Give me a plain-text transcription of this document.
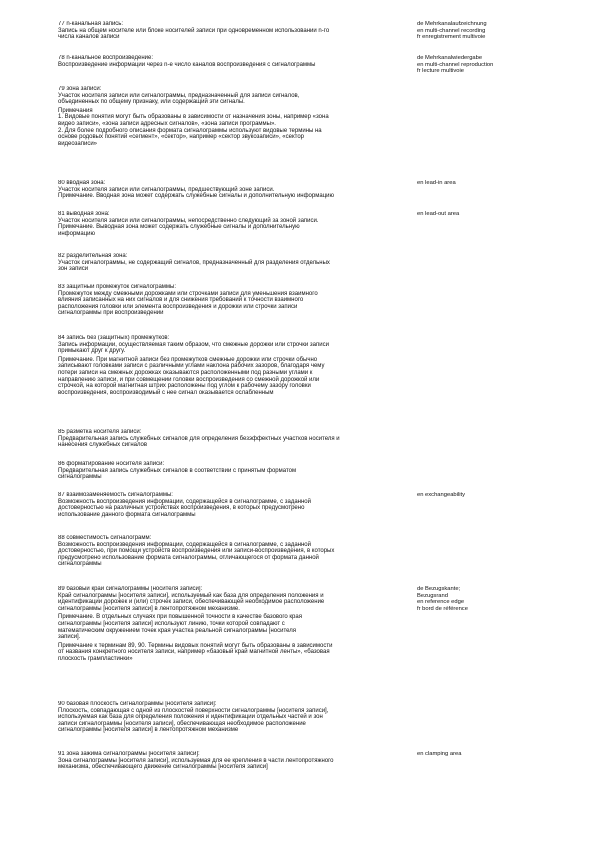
77 n-канальная запись:
Запись на общем носителе или блоке носителей записи при одновременном использовании n-го
числа каналов записи
de Mehrkanalaufzeichnung
en multi-channel recording
fr enregistrement multivoie
78 n-канальное воспроизведение:
Воспроизведение информации через n-е число каналов воспроизведения с сигналограммы
de Mehrkanalwiedergabe
en multi-channel reproduction
fr lecture multivoie
79 зона записи:
Участок носителя записи или сигналограммы, предназначенный для записи сигналов,
объединенных по общему признаку, или содержащий эти сигналы.
Примечания
1. Видовые понятия могут быть образованы в зависимости от назначения зоны, например «зона
видео записи», «зона записи адресных сигналов», «зона записи программы».
2. Для более подробного описания формата сигналограммы используют видовые термины на
основе родовых понятий «сегмент», «сектор», например «сектор звукозаписи», «сектор
видеозаписи»
80 вводная зона:
Участок носителя записи или сигналограммы, предшествующий зоне записи.
Примечание. Вводная зона может содержать служебные сигналы и дополнительную информацию
en lead-in area
81 выводная зона:
Участок носителя записи или сигналограммы, непосредственно следующий за зоной записи.
Примечание. Выводная зона может содержать служебные сигналы и дополнительную
информацию
en lead-out area
82 разделительная зона:
Участок сигналограммы, не содержащий сигналов, предназначенный для разделения отдельных
зон записи
83 защитный промежуток сигналограммы:
Промежуток между смежными дорожками или строчками записи для уменьшения взаимного
влияния записанных на них сигналов и для снижения требований к точности взаимного
расположения головки или элемента воспроизведения и дорожки или строчки записи
сигналограммы при воспроизведении
84 запись без (защитных) промежутков:
Запись информации, осуществляемая таким образом, что смежные дорожки или строчки записи
примыкают друг к другу.
Примечание. При магнитной записи без промежутков смежные дорожки или строчки обычно
записывают головками записи с различными углами наклона рабочих зазоров, благодаря чему
потери записи на смежных дорожках оказываются расположенными под разными углами к
направлению записи, и при совмещении головки воспроизведения со смежной дорожкой или
строчкой, на которой магнитная штрих расположены под углом к рабочему зазору головки
воспроизведения, воспроизводимый с нее сигнал оказывается ослабленным
85 разметка носителя записи:
Предварительная запись служебных сигналов для определения безэффектных участков носителя и
нанесения служебных сигналов
86 форматирование носителя записи:
Предварительная запись служебных сигналов в соответствии с принятым форматом
сигналограммы
87 взаимозаменяемость сигналограммы:
Возможность воспроизведения информации, содержащейся в сигналограмме, с заданной
достоверностью на различных устройствах воспроизведения, в которых предусмотрено
использование данного формата сигналограммы
en exchangeability
88 совместимость сигналограмм:
Возможность воспроизведения информации, содержащейся в сигналограмме, с заданной
достоверностью, при помощи устройств воспроизведения или записи-воспроизведения, в которых
предусмотрено использование формата сигналограммы, отличающегося от формата данной
сигналограммы
89 базовый край сигналограммы [носителя записи]:
Край сигналограммы [носителя записи], используемый как база для определения положения и
идентификации дорожек и (или) строчек записи, обеспечивающей необходимое расположение
сигналограммы [носителя записи] в лентопротяжном механизме.
Примечание. В отдельных случаях при повышенной точности в качестве базового края
сигналограммы [носителя записи] используют линию, точки которой совпадают с
математическим окружением точек края участка реальной сигналограммы [носителя
записи].
Примечание к терминам 89, 90. Термины видовых понятий могут быть образованы в зависимости
от названия конкретного носителя записи, например «базовый край магнитной ленты», «базовая
плоскость грампластинки»
de Bezugskante;
Bezugsrand
en reference edge
fr bord de référence
90 базовая плоскость сигналограммы [носителя записи]:
Плоскость, совпадающая с одной из плоскостей поверхности сигналограммы [носителя записи],
используемая как база для определения положения и идентификации отдельных частей и зон
записи сигналограммы [носителя записи], обеспечивающая необходимое расположение
сигналограммы [носителя записи] в лентопротяжном механизме
91 зона зажима сигналограммы [носителя записи]:
Зона сигналограммы [носителя записи], используемая для ее крепления в части лентопротяжного
механизма, обеспечивающего движение сигналограммы [носителя записи]
en clamping area
